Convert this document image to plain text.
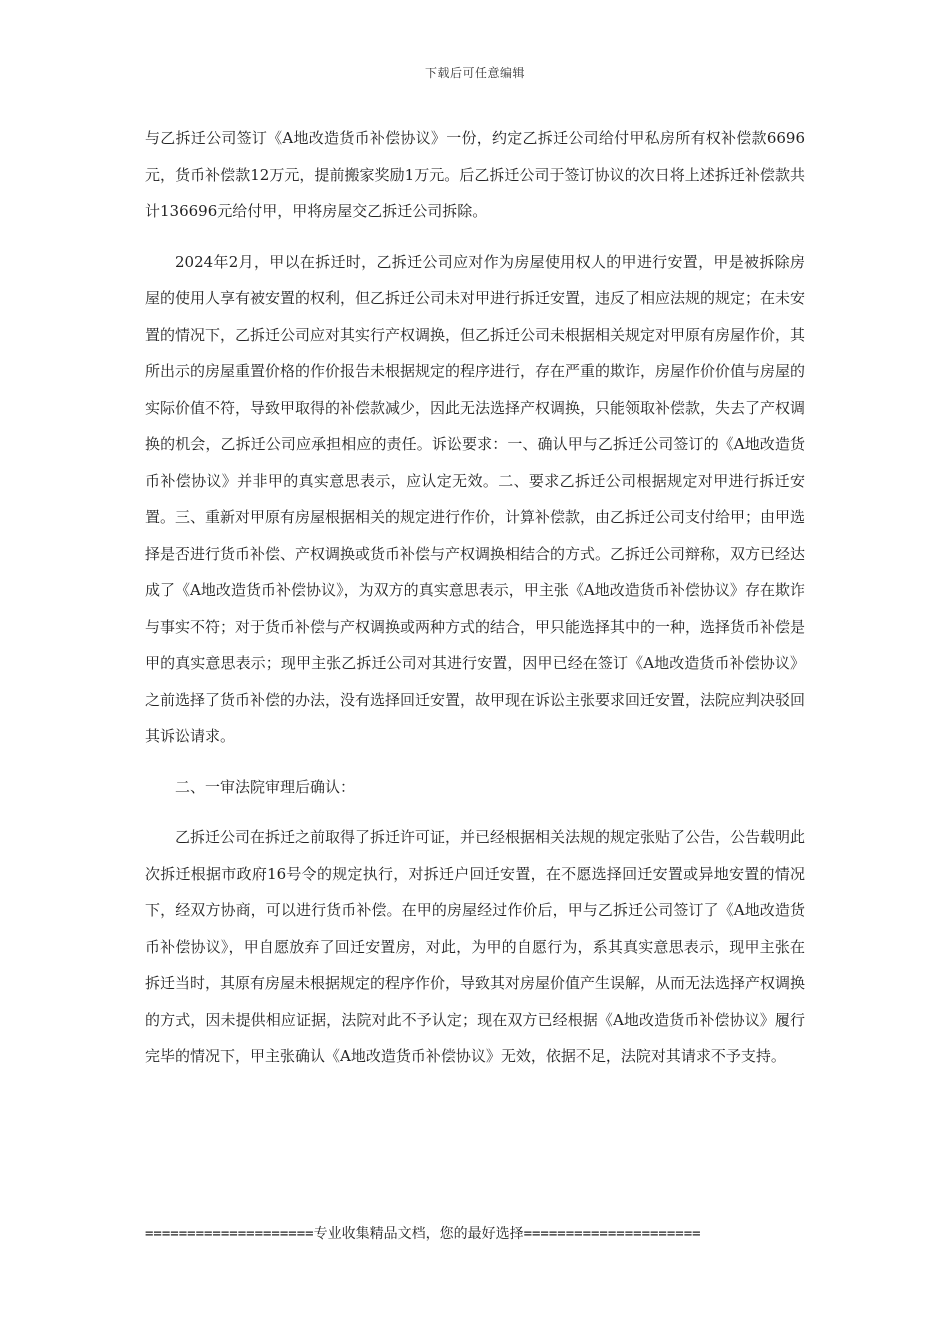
下载后可任意编辑

与乙拆迁公司签订《A地改造货币补偿协议》一份，约定乙拆迁公司给付甲私房所有权补偿款6696元，货币补偿款12万元，提前搬家奖励1万元。后乙拆迁公司于签订协议的次日将上述拆迁补偿款共计136696元给付甲，甲将房屋交乙拆迁公司拆除。

2024年2月，甲以在拆迁时，乙拆迁公司应对作为房屋使用权人的甲进行安置，甲是被拆除房屋的使用人享有被安置的权利，但乙拆迁公司未对甲进行拆迁安置，违反了相应法规的规定；在未安置的情况下，乙拆迁公司应对其实行产权调换，但乙拆迁公司未根据相关规定对甲原有房屋作价，其所出示的房屋重置价格的作价报告未根据规定的程序进行，存在严重的欺诈，房屋作价价值与房屋的实际价值不符，导致甲取得的补偿款减少，因此无法选择产权调换，只能领取补偿款，失去了产权调换的机会，乙拆迁公司应承担相应的责任。诉讼要求：一、确认甲与乙拆迁公司签订的《A地改造货币补偿协议》并非甲的真实意思表示，应认定无效。二、要求乙拆迁公司根据规定对甲进行拆迁安置。三、重新对甲原有房屋根据相关的规定进行作价，计算补偿款，由乙拆迁公司支付给甲；由甲选择是否进行货币补偿、产权调换或货币补偿与产权调换相结合的方式。乙拆迁公司辩称，双方已经达成了《A地改造货币补偿协议》，为双方的真实意思表示，甲主张《A地改造货币补偿协议》存在欺诈与事实不符；对于货币补偿与产权调换或两种方式的结合，甲只能选择其中的一种，选择货币补偿是甲的真实意思表示；现甲主张乙拆迁公司对其进行安置，因甲已经在签订《A地改造货币补偿协议》之前选择了货币补偿的办法，没有选择回迁安置，故甲现在诉讼主张要求回迁安置，法院应判决驳回其诉讼请求。

二、一审法院审理后确认：

乙拆迁公司在拆迁之前取得了拆迁许可证，并已经根据相关法规的规定张贴了公告，公告载明此次拆迁根据市政府16号令的规定执行，对拆迁户回迁安置，在不愿选择回迁安置或异地安置的情况下，经双方协商，可以进行货币补偿。在甲的房屋经过作价后，甲与乙拆迁公司签订了《A地改造货币补偿协议》，甲自愿放弃了回迁安置房，对此，为甲的自愿行为，系其真实意思表示，现甲主张在拆迁当时，其原有房屋未根据规定的程序作价，导致其对房屋价值产生误解，从而无法选择产权调换的方式，因未提供相应证据，法院对此不予认定；现在双方已经根据《A地改造货币补偿协议》履行完毕的情况下，甲主张确认《A地改造货币补偿协议》无效，依据不足，法院对其请求不予支持。

====================专业收集精品文档，您的最好选择=====================
